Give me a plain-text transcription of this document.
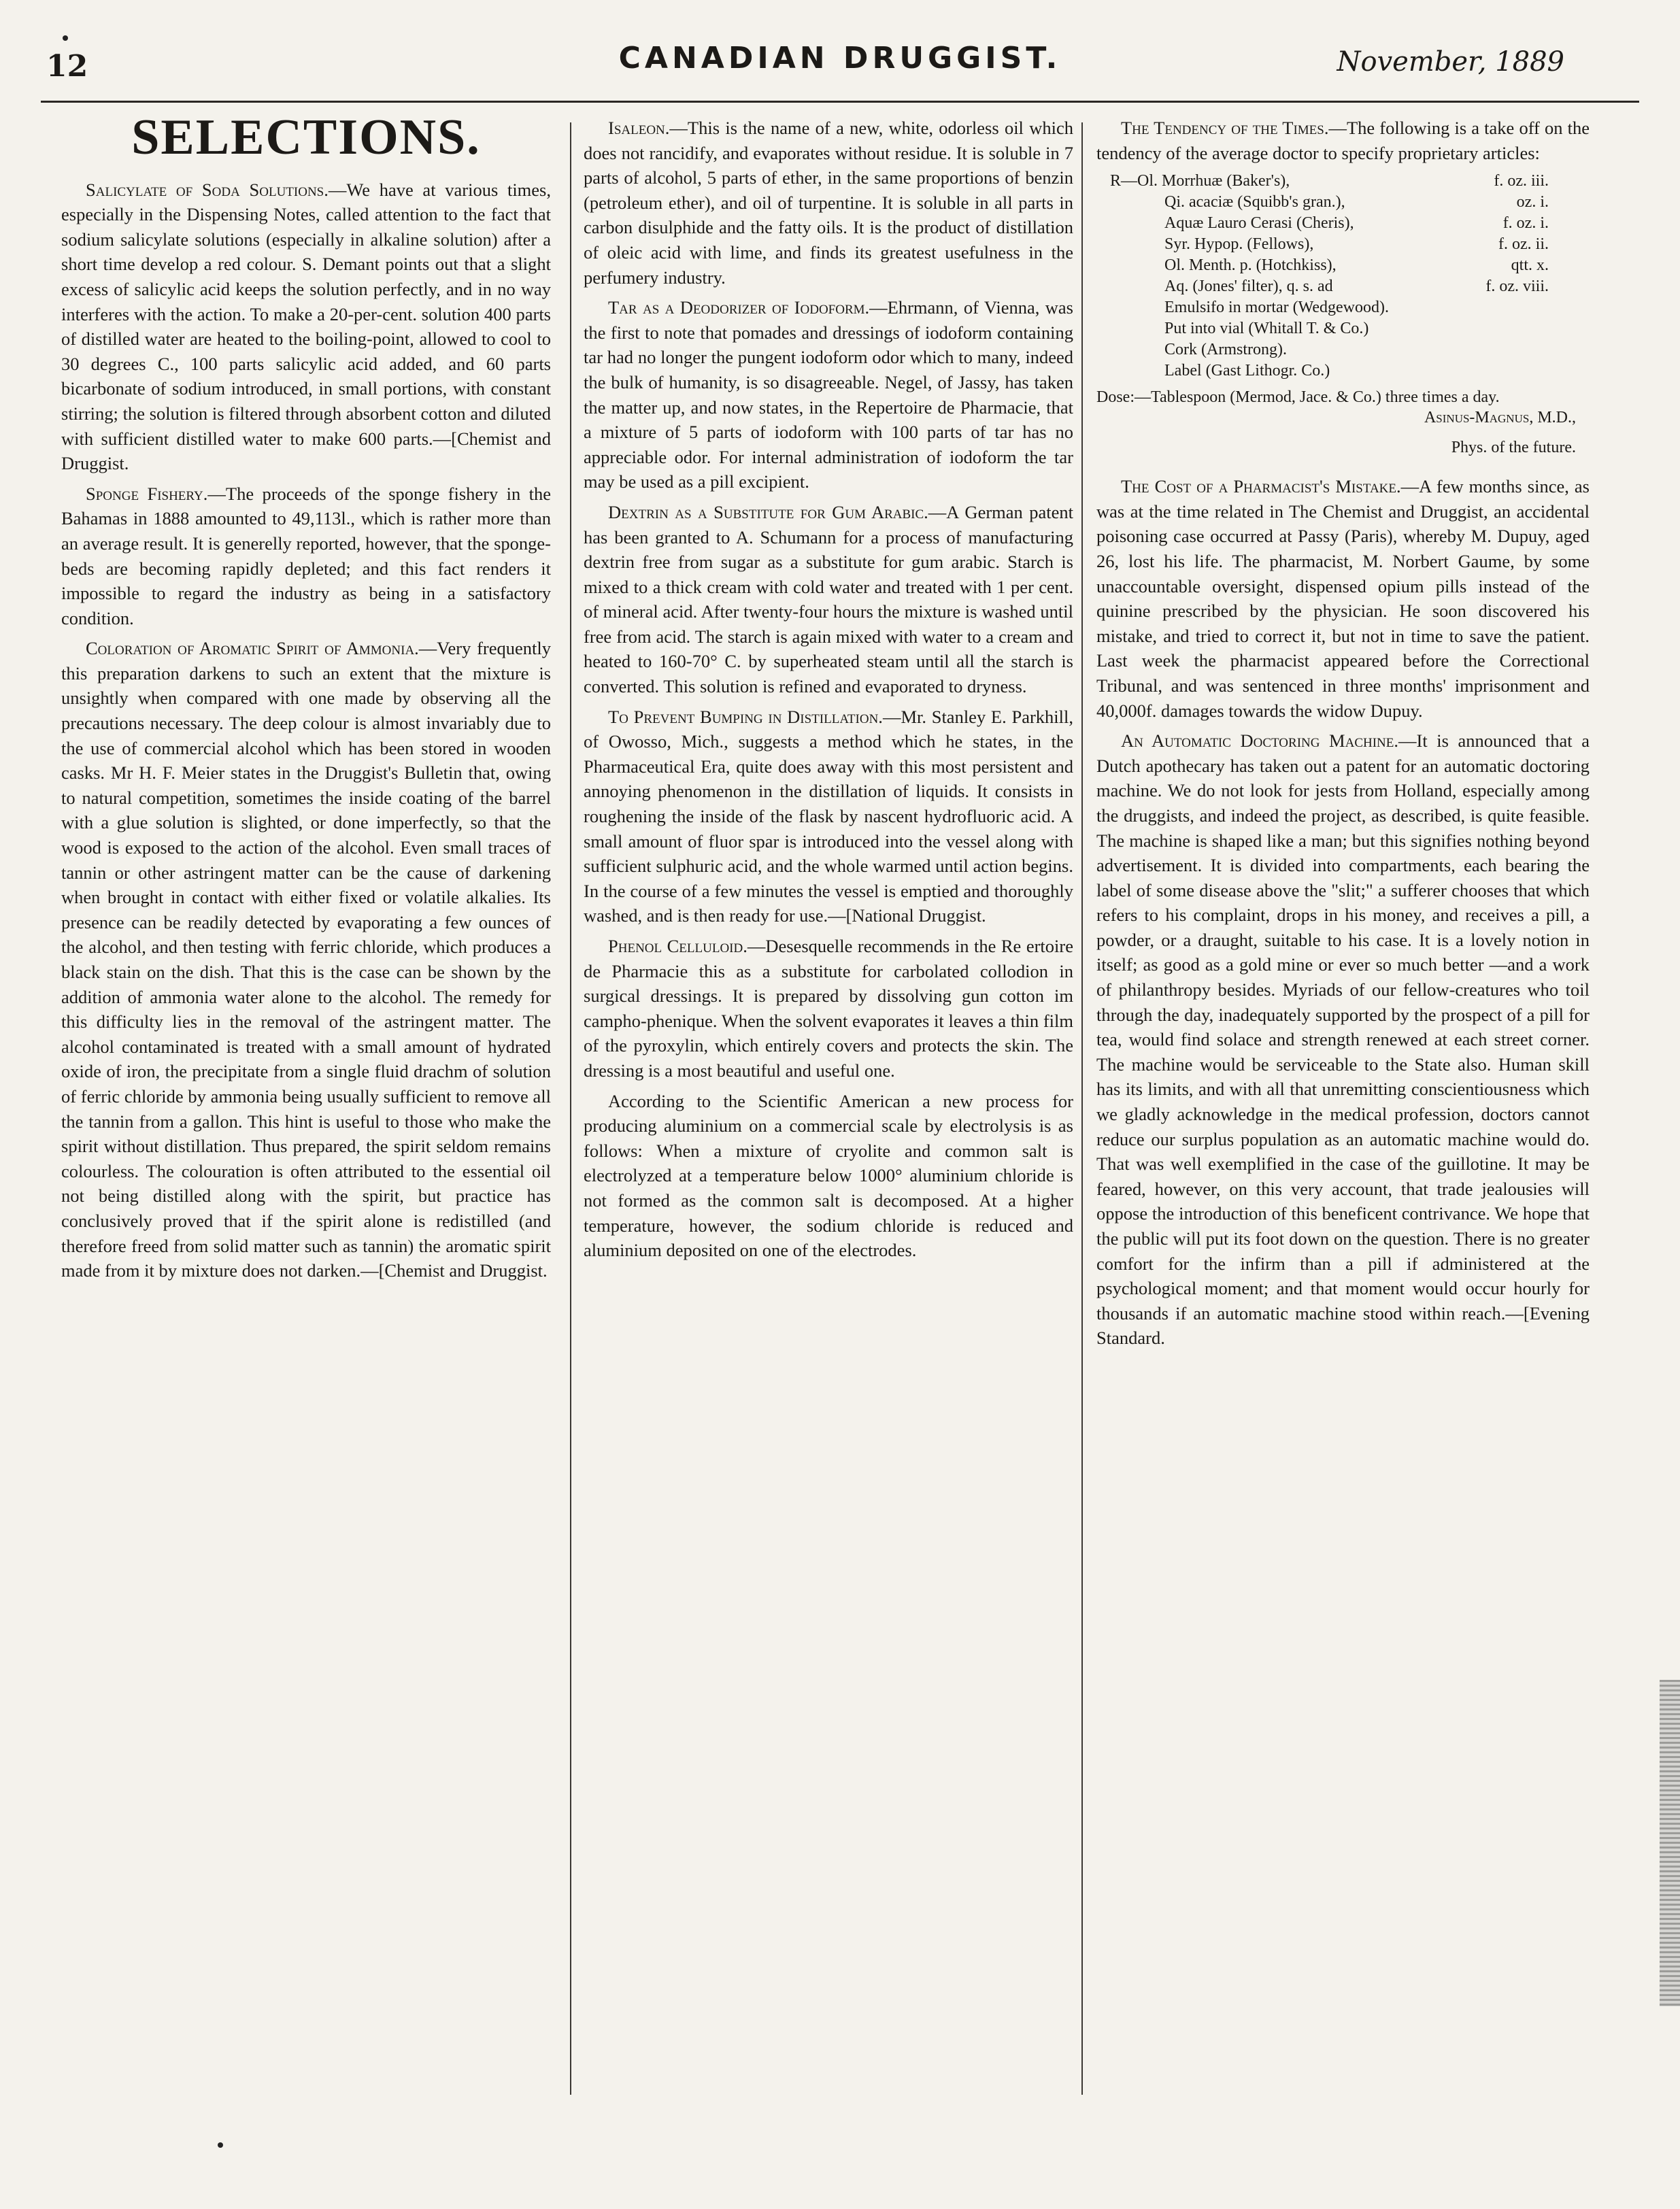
12	CANADIAN DRUGGIST.	November, 1889
SELECTIONS.

Salicylate of Soda Solutions.—We have at various times, especially in the Dispensing Notes, called attention to the fact that sodium salicylate solutions (especially in alkaline solution) after a short time develop a red colour. S. Demant points out that a slight excess of salicylic acid keeps the solution perfectly, and in no way interferes with the action. To make a 20-per-cent. solution 400 parts of distilled water are heated to the boiling-point, allowed to cool to 30 degrees C., 100 parts salicylic acid added, and 60 parts bicarbonate of sodium introduced, in small portions, with constant stirring; the solution is filtered through absorbent cotton and diluted with sufficient distilled water to make 600 parts.—[Chemist and Druggist.

Sponge Fishery.—The proceeds of the sponge fishery in the Bahamas in 1888 amounted to 49,113l., which is rather more than an average result. It is generelly reported, however, that the sponge-beds are becoming rapidly depleted; and this fact renders it impossible to regard the industry as being in a satisfactory condition.

Coloration of Aromatic Spirit of Ammonia.—Very frequently this preparation darkens to such an extent that the mixture is unsightly when compared with one made by observing all the precautions necessary. The deep colour is almost invariably due to the use of commercial alcohol which has been stored in wooden casks. Mr H. F. Meier states in the Druggist's Bulletin that, owing to natural competition, sometimes the inside coating of the barrel with a glue solution is slighted, or done imperfectly, so that the wood is exposed to the action of the alcohol. Even small traces of tannin or other astringent matter can be the cause of darkening when brought in contact with either fixed or volatile alkalies. Its presence can be readily detected by evaporating a few ounces of the alcohol, and then testing with ferric chloride, which produces a black stain on the dish. That this is the case can be shown by the addition of ammonia water alone to the alcohol. The remedy for this difficulty lies in the removal of the astringent matter. The alcohol contaminated is treated with a small amount of hydrated oxide of iron, the precipitate from a single fluid drachm of solution of ferric chloride by ammonia being usually sufficient to remove all the tannin from a gallon. This hint is useful to those who make the spirit without distillation. Thus prepared, the spirit seldom remains colourless. The colouration is often attributed to the essential oil not being distilled along with the spirit, but practice has conclusively proved that if the spirit alone is redistilled (and therefore freed from solid matter such as tannin) the aromatic spirit made from it by mixture does not darken.—[Chemist and Druggist.

Isaleon.—This is the name of a new, white, odorless oil which does not rancidify, and evaporates without residue. It is soluble in 7 parts of alcohol, 5 parts of ether, in the same proportions of benzin (petroleum ether), and oil of turpentine. It is soluble in all parts in carbon disulphide and the fatty oils. It is the product of distillation of oleic acid with lime, and finds its greatest usefulness in the perfumery industry.

Tar as a Deodorizer of Iodoform.—Ehrmann, of Vienna, was the first to note that pomades and dressings of iodoform containing tar had no longer the pungent iodoform odor which to many, indeed the bulk of humanity, is so disagreeable. Negel, of Jassy, has taken the matter up, and now states, in the Repertoire de Pharmacie, that a mixture of 5 parts of iodoform with 100 parts of tar has no appreciable odor. For internal administration of iodoform the tar may be used as a pill excipient.

Dextrin as a Substitute for Gum Arabic.—A German patent has been granted to A. Schumann for a process of manufacturing dextrin free from sugar as a substitute for gum arabic. Starch is mixed to a thick cream with cold water and treated with 1 per cent. of mineral acid. After twenty-four hours the mixture is washed until free from acid. The starch is again mixed with water to a cream and heated to 160-70° C. by superheated steam until all the starch is converted. This solution is refined and evaporated to dryness.

To Prevent Bumping in Distillation.—Mr. Stanley E. Parkhill, of Owosso, Mich., suggests a method which he states, in the Pharmaceutical Era, quite does away with this most persistent and annoying phenomenon in the distillation of liquids. It consists in roughening the inside of the flask by nascent hydrofluoric acid. A small amount of fluor spar is introduced into the vessel along with sufficient sulphuric acid, and the whole warmed until action begins. In the course of a few minutes the vessel is emptied and thoroughly washed, and is then ready for use.—[National Druggist.

Phenol Celluloid.—Desesquelle recommends in the Re ertoire de Pharmacie this as a substitute for carbolated collodion in surgical dressings. It is prepared by dissolving gun cotton im campho-phenique. When the solvent evaporates it leaves a thin film of the pyroxylin, which entirely covers and protects the skin. The dressing is a most beautiful and useful one.

According to the Scientific American a new process for producing aluminium on a commercial scale by electrolysis is as follows: When a mixture of cryolite and common salt is electrolyzed at a temperature below 1000° aluminium chloride is not formed as the common salt is decomposed. At a higher temperature, however, the sodium chloride is reduced and aluminium deposited on one of the electrodes.

The Tendency of the Times.—The following is a take off on the tendency of the average doctor to specify proprietary articles:

R—Ol. Morrhuæ (Baker's),	f. oz. iii.
Qi. acaciæ (Squibb's gran.),	oz. i.
Aquæ Lauro Cerasi (Cheris),	f. oz. i.
Syr. Hypop. (Fellows),	f. oz. ii.
Ol. Menth. p. (Hotchkiss),	qtt. x.
Aq. (Jones' filter), q. s. ad	f. oz. viii.
Emulsifo in mortar (Wedgewood).
Put into vial (Whitall T. & Co.)
Cork (Armstrong).
Label (Gast Lithogr. Co.)
Dose:—Tablespoon (Mermod, Jace. & Co.) three times a day.
Asinus-Magnus, M.D.,
Phys. of the future.

The Cost of a Pharmacist's Mistake.—A few months since, as was at the time related in The Chemist and Druggist, an accidental poisoning case occurred at Passy (Paris), whereby M. Dupuy, aged 26, lost his life. The pharmacist, M. Norbert Gaume, by some unaccountable oversight, dispensed opium pills instead of the quinine prescribed by the physician. He soon discovered his mistake, and tried to correct it, but not in time to save the patient. Last week the pharmacist appeared before the Correctional Tribunal, and was sentenced in three months' imprisonment and 40,000f. damages towards the widow Dupuy.

An Automatic Doctoring Machine.—It is announced that a Dutch apothecary has taken out a patent for an automatic doctoring machine. We do not look for jests from Holland, especially among the druggists, and indeed the project, as described, is quite feasible. The machine is shaped like a man; but this signifies nothing beyond advertisement. It is divided into compartments, each bearing the label of some disease above the "slit;" a sufferer chooses that which refers to his complaint, drops in his money, and receives a pill, a powder, or a draught, suitable to his case. It is a lovely notion in itself; as good as a gold mine or ever so much better —and a work of philanthropy besides. Myriads of our fellow-creatures who toil through the day, inadequately supported by the prospect of a pill for tea, would find solace and strength renewed at each street corner. The machine would be serviceable to the State also. Human skill has its limits, and with all that unremitting conscientiousness which we gladly acknowledge in the medical profession, doctors cannot reduce our surplus population as an automatic machine would do. That was well exemplified in the case of the guillotine. It may be feared, however, on this very account, that trade jealousies will oppose the introduction of this beneficent contrivance. We hope that the public will put its foot down on the question. There is no greater comfort for the infirm than a pill if administered at the psychological moment; and that moment would occur hourly for thousands if an automatic machine stood within reach.—[Evening Standard.
